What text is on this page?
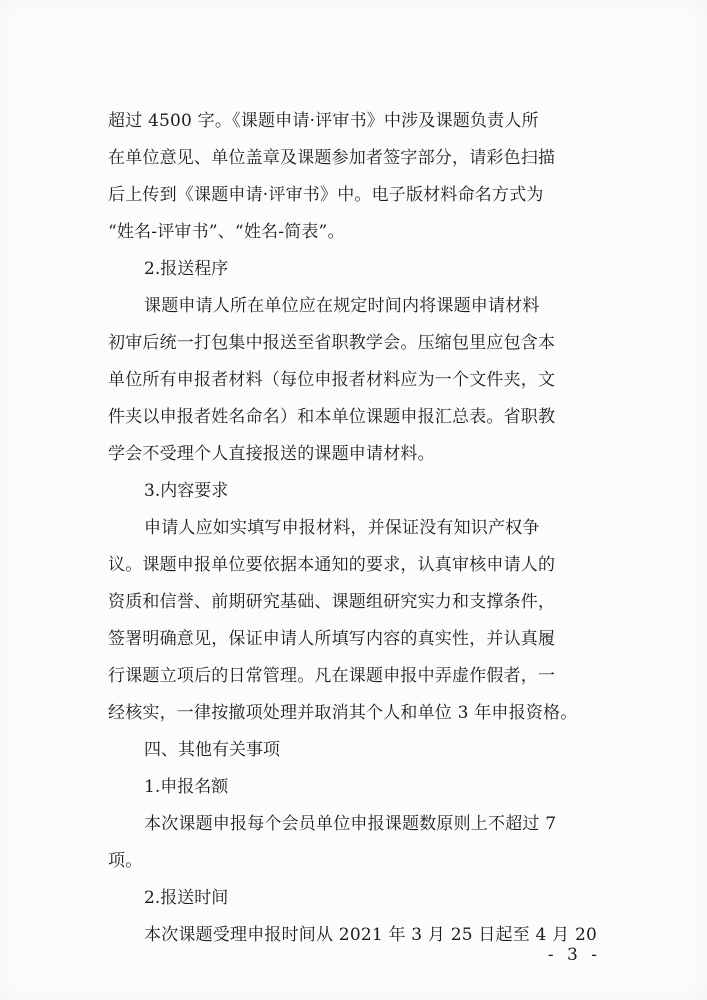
超过 4500 字。《课题申请·评审书》中涉及课题负责人所
在单位意见、单位盖章及课题参加者签字部分，请彩色扫描
后上传到《课题申请·评审书》中。电子版材料命名方式为
“姓名-评审书”、“姓名-简表”。
2.报送程序
课题申请人所在单位应在规定时间内将课题申请材料
初审后统一打包集中报送至省职教学会。压缩包里应包含本
单位所有申报者材料（每位申报者材料应为一个文件夹，文
件夹以申报者姓名命名）和本单位课题申报汇总表。省职教
学会不受理个人直接报送的课题申请材料。
3.内容要求
申请人应如实填写申报材料，并保证没有知识产权争
议。课题申报单位要依据本通知的要求，认真审核申请人的
资质和信誉、前期研究基础、课题组研究实力和支撑条件，
签署明确意见，保证申请人所填写内容的真实性，并认真履
行课题立项后的日常管理。凡在课题申报中弄虚作假者，一
经核实，一律按撤项处理并取消其个人和单位 3 年申报资格。
四、其他有关事项
1.申报名额
本次课题申报每个会员单位申报课题数原则上不超过 7
项。
2.报送时间
本次课题受理申报时间从 2021 年 3 月 25 日起至 4 月 20
- 3 -
